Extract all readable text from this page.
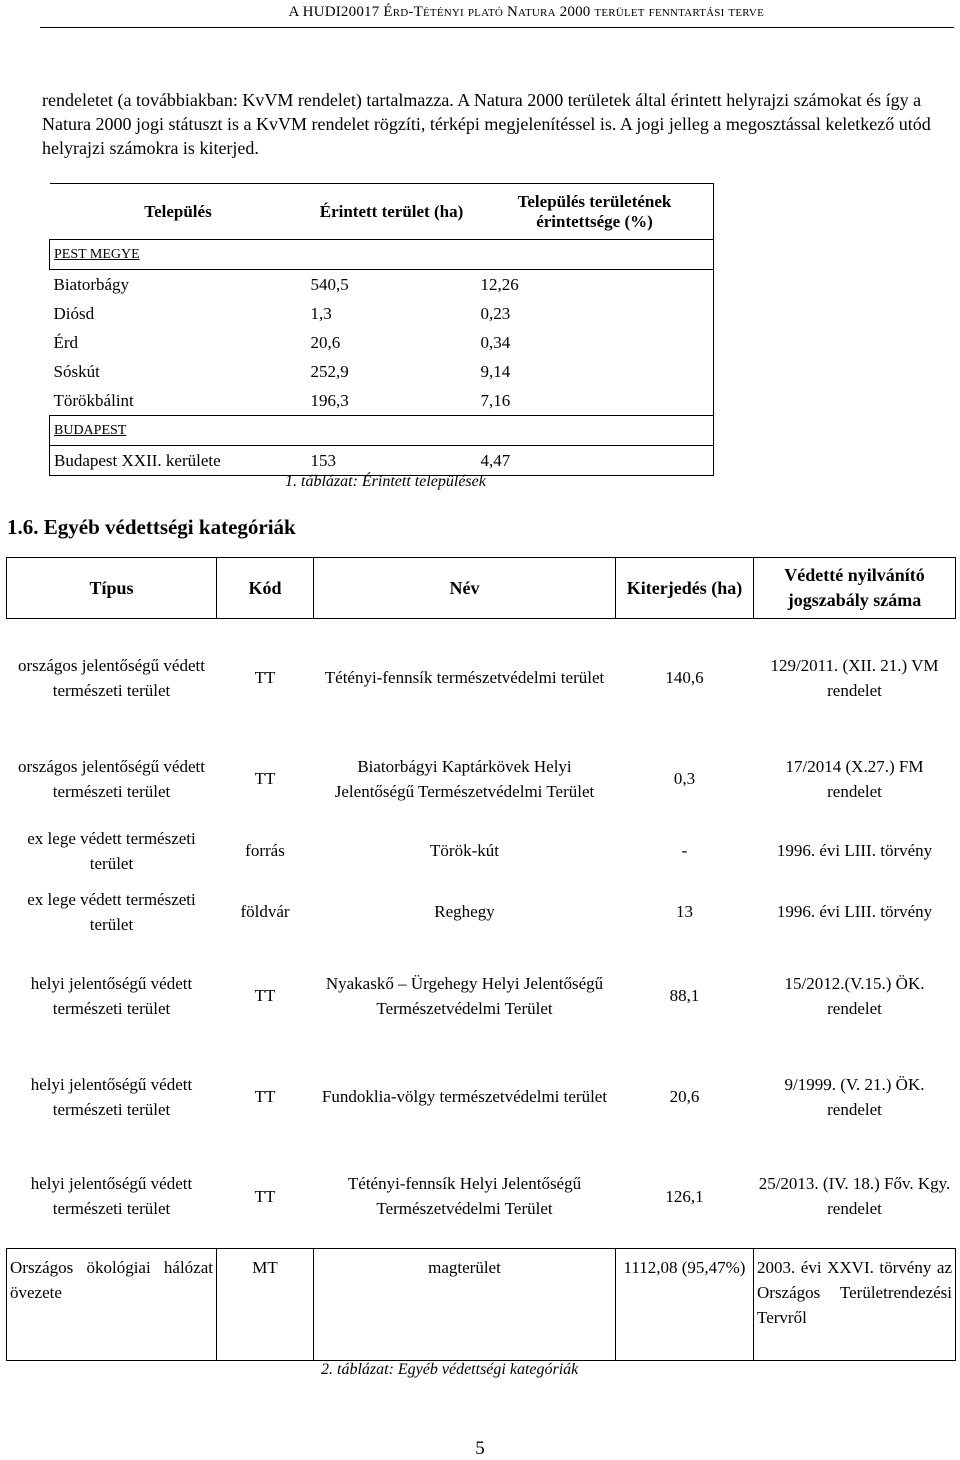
A HUDI20017 Érd-Tétényi plató Natura 2000 terület fenntartási terve
rendeletet (a továbbiakban: KvVM rendelet) tartalmazza. A Natura 2000 területek által érintett helyrajzi számokat és így a Natura 2000 jogi státuszt is a KvVM rendelet rögzíti, térképi megjelenítéssel is. A jogi jelleg a megosztással keletkező utód helyrajzi számokra is kiterjed.
Település	Érintett terület (ha)	Település területének érintettsége (%)
PEST MEGYE		
Biatorbágy	540,5	12,26
Diósd	1,3	0,23
Érd	20,6	0,34
Sóskút	252,9	9,14
Törökbálint	196,3	7,16
BUDAPEST		
Budapest XXII. kerülete	153	4,47
1. táblázat: Érintett települések
1.6. Egyéb védettségi kategóriák
Típus	Kód	Név	Kiterjedés (ha)	Védetté nyilvánító jogszabály száma
országos jelentőségű védett természeti terület	TT	Tétényi-fennsík természetvédelmi terület	140,6	129/2011. (XII. 21.) VM rendelet
országos jelentőségű védett természeti terület	TT	Biatorbágyi Kaptárkövek Helyi Jelentőségű Természetvédelmi Terület	0,3	17/2014 (X.27.) FM rendelet
ex lege védett természeti terület	forrás	Török-kút	-	1996. évi LIII. törvény
ex lege védett természeti terület	földvár	Reghegy	13	1996. évi LIII. törvény
helyi jelentőségű védett természeti terület	TT	Nyakaskő – Ürgehegy Helyi Jelentőségű Természetvédelmi Terület	88,1	15/2012.(V.15.) ÖK. rendelet
helyi jelentőségű védett természeti terület	TT	Fundoklia-völgy természetvédelmi terület	20,6	9/1999. (V. 21.) ÖK. rendelet
helyi jelentőségű védett természeti terület	TT	Tétényi-fennsík Helyi Jelentőségű Természetvédelmi Terület	126,1	25/2013. (IV. 18.) Főv. Kgy. rendelet
Országos ökológiai hálózat övezete	MT	magterület	1112,08 (95,47%)	2003. évi XXVI. törvény az Országos Területrendezési Tervről
2. táblázat: Egyéb védettségi kategóriák
5
